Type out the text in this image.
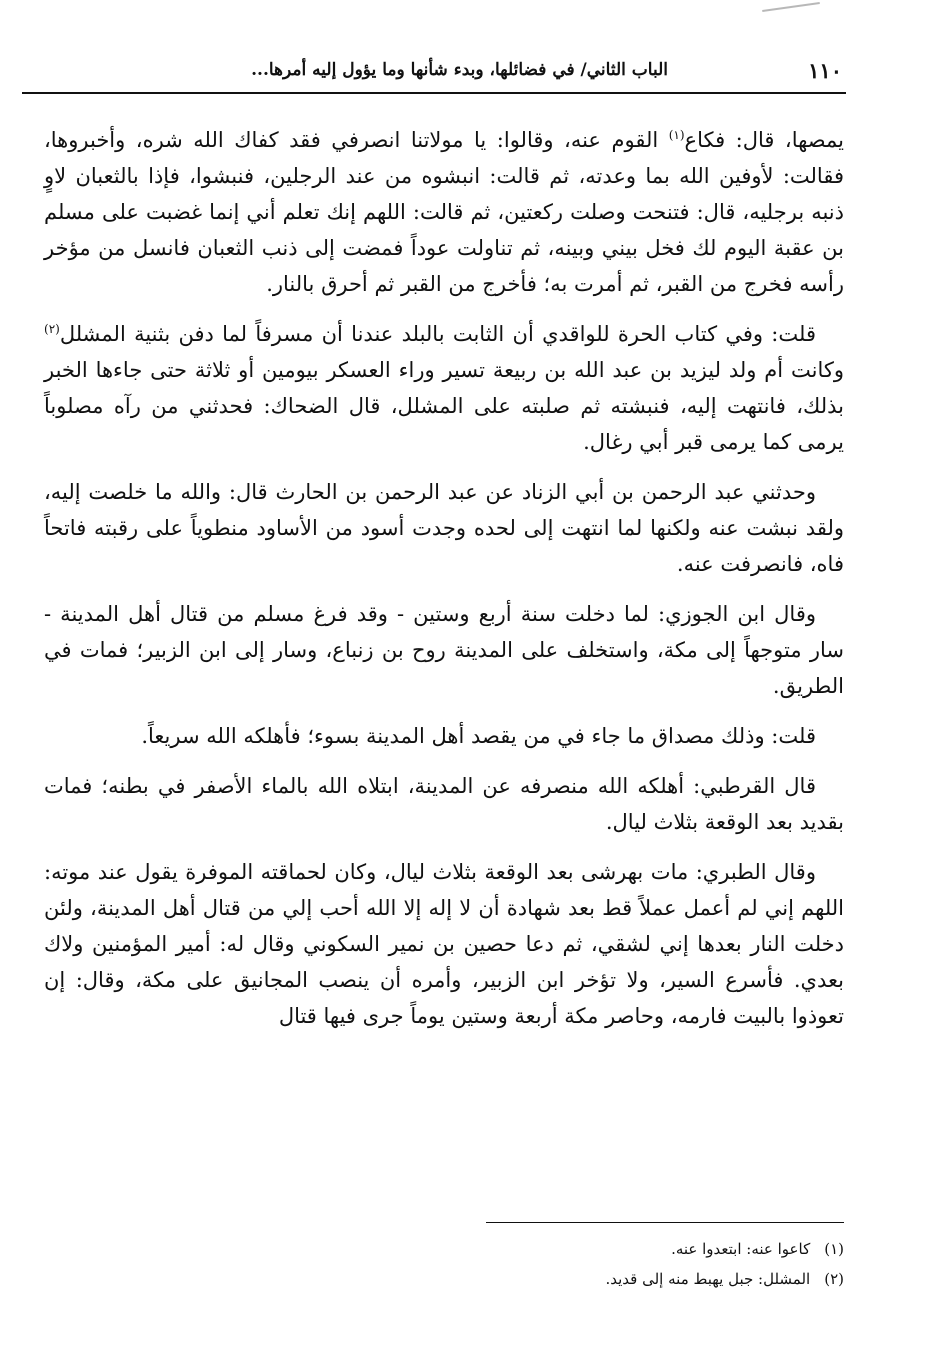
١١٠
الباب الثاني/ في فضائلها، وبدء شأنها وما يؤول إليه أمرها...

يمصها، قال: فكاع$^{(١)}$ القوم عنه، وقالوا: يا مولاتنا انصرفي فقد كفاك الله شره، وأخبروها، فقالت: لأوفين الله بما وعدته، ثم قالت: انبشوه من عند الرجلين، فنبشوا، فإذا بالثعبان لاوٍ ذنبه برجليه، قال: فتنحت وصلت ركعتين، ثم قالت: اللهم إنك تعلم أني إنما غضبت على مسلم بن عقبة اليوم لك فخل بيني وبينه، ثم تناولت عوداً فمضت إلى ذنب الثعبان فانسل من مؤخر رأسه فخرج من القبر، ثم أمرت به؛ فأخرج من القبر ثم أحرق بالنار.

قلت: وفي كتاب الحرة للواقدي أن الثابت بالبلد عندنا أن مسرفاً لما دفن بثنية المشلل$^{(٢)}$ وكانت أم ولد ليزيد بن عبد الله بن ربيعة تسير وراء العسكر بيومين أو ثلاثة حتى جاءها الخبر بذلك، فانتهت إليه، فنبشته ثم صلبته على المشلل، قال الضحاك: فحدثني من رآه مصلوباً يرمى كما يرمى قبر أبي رغال.

وحدثني عبد الرحمن بن أبي الزناد عن عبد الرحمن بن الحارث قال: والله ما خلصت إليه، ولقد نبشت عنه ولكنها لما انتهت إلى لحده وجدت أسود من الأساود منطوياً على رقبته فاتحاً فاه، فانصرفت عنه.

وقال ابن الجوزي: لما دخلت سنة أربع وستين - وقد فرغ مسلم من قتال أهل المدينة - سار متوجهاً إلى مكة، واستخلف على المدينة روح بن زنباع، وسار إلى ابن الزبير؛ فمات في الطريق.

قلت: وذلك مصداق ما جاء في من يقصد أهل المدينة بسوء؛ فأهلكه الله سريعاً.

قال القرطبي: أهلكه الله منصرفه عن المدينة، ابتلاه الله بالماء الأصفر في بطنه؛ فمات بقديد بعد الوقعة بثلاث ليال.

وقال الطبري: مات بهرشى بعد الوقعة بثلاث ليال، وكان لحماقته الموفرة يقول عند موته: اللهم إني لم أعمل عملاً قط بعد شهادة أن لا إله إلا الله أحب إلي من قتال أهل المدينة، ولئن دخلت النار بعدها إني لشقي، ثم دعا حصين بن نمير السكوني وقال له: أمير المؤمنين ولاك بعدي. فأسرع السير، ولا تؤخر ابن الزبير، وأمره أن ينصب المجانيق على مكة، وقال: إن تعوذوا بالبيت فارمه، وحاصر مكة أربعة وستين يوماً جرى فيها قتال

(١)
كاعوا عنه: ابتعدوا عنه.
(٢)
المشلل: جبل يهبط منه إلى قديد.
